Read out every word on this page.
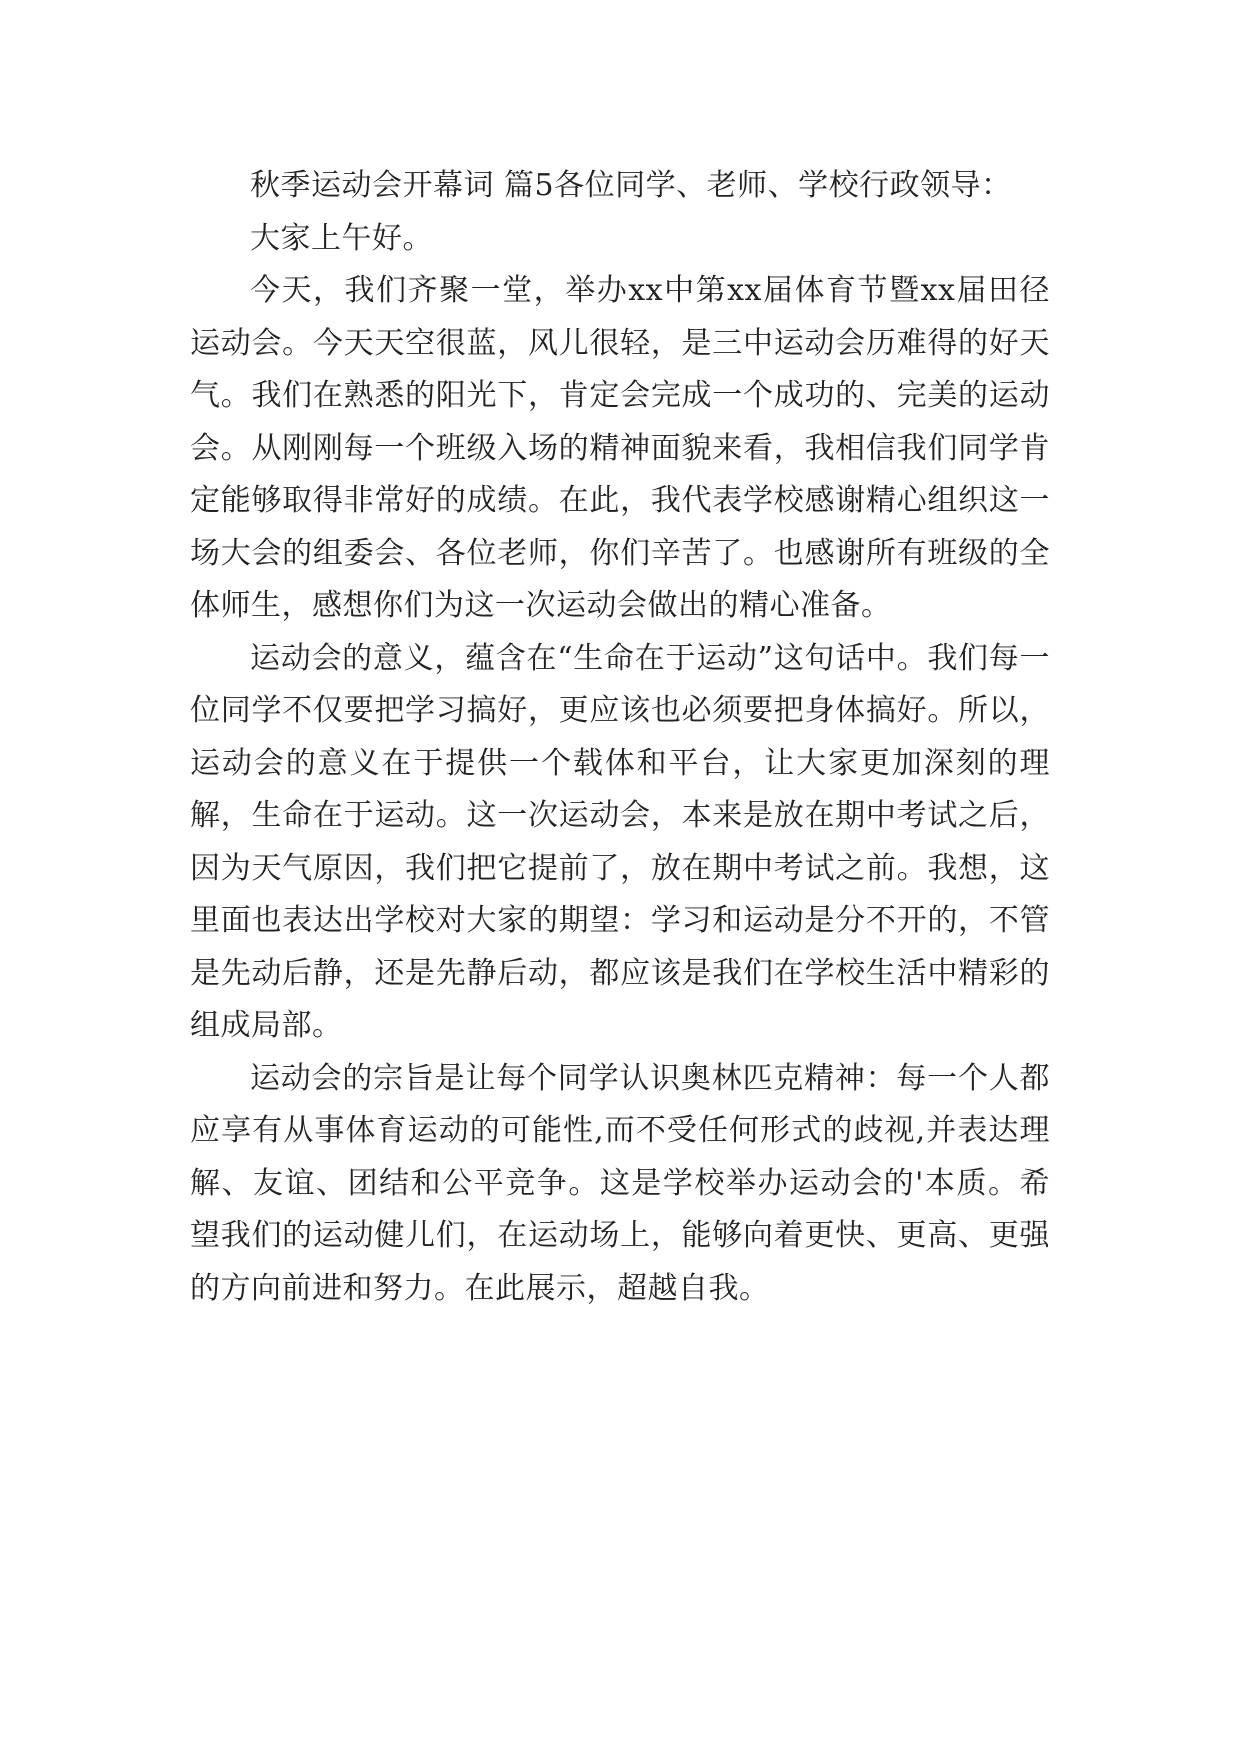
秋季运动会开幕词 篇5各位同学、老师、学校行政领导：

大家上午好。

今天，我们齐聚一堂，举办xx中第xx届体育节暨xx届田径运动会。今天天空很蓝，风儿很轻，是三中运动会历难得的好天气。我们在熟悉的阳光下，肯定会完成一个成功的、完美的运动会。从刚刚每一个班级入场的精神面貌来看，我相信我们同学肯定能够取得非常好的成绩。在此，我代表学校感谢精心组织这一场大会的组委会、各位老师，你们辛苦了。也感谢所有班级的全体师生，感想你们为这一次运动会做出的精心准备。

运动会的意义，蕴含在“生命在于运动”这句话中。我们每一位同学不仅要把学习搞好，更应该也必须要把身体搞好。所以，运动会的意义在于提供一个载体和平台，让大家更加深刻的理解，生命在于运动。这一次运动会，本来是放在期中考试之后，因为天气原因，我们把它提前了，放在期中考试之前。我想，这里面也表达出学校对大家的期望：学习和运动是分不开的，不管是先动后静，还是先静后动，都应该是我们在学校生活中精彩的组成局部。

运动会的宗旨是让每个同学认识奥林匹克精神：每一个人都应享有从事体育运动的可能性,而不受任何形式的歧视,并表达理解、友谊、团结和公平竞争。这是学校举办运动会的'本质。希望我们的运动健儿们，在运动场上，能够向着更快、更高、更强的方向前进和努力。在此展示，超越自我。
